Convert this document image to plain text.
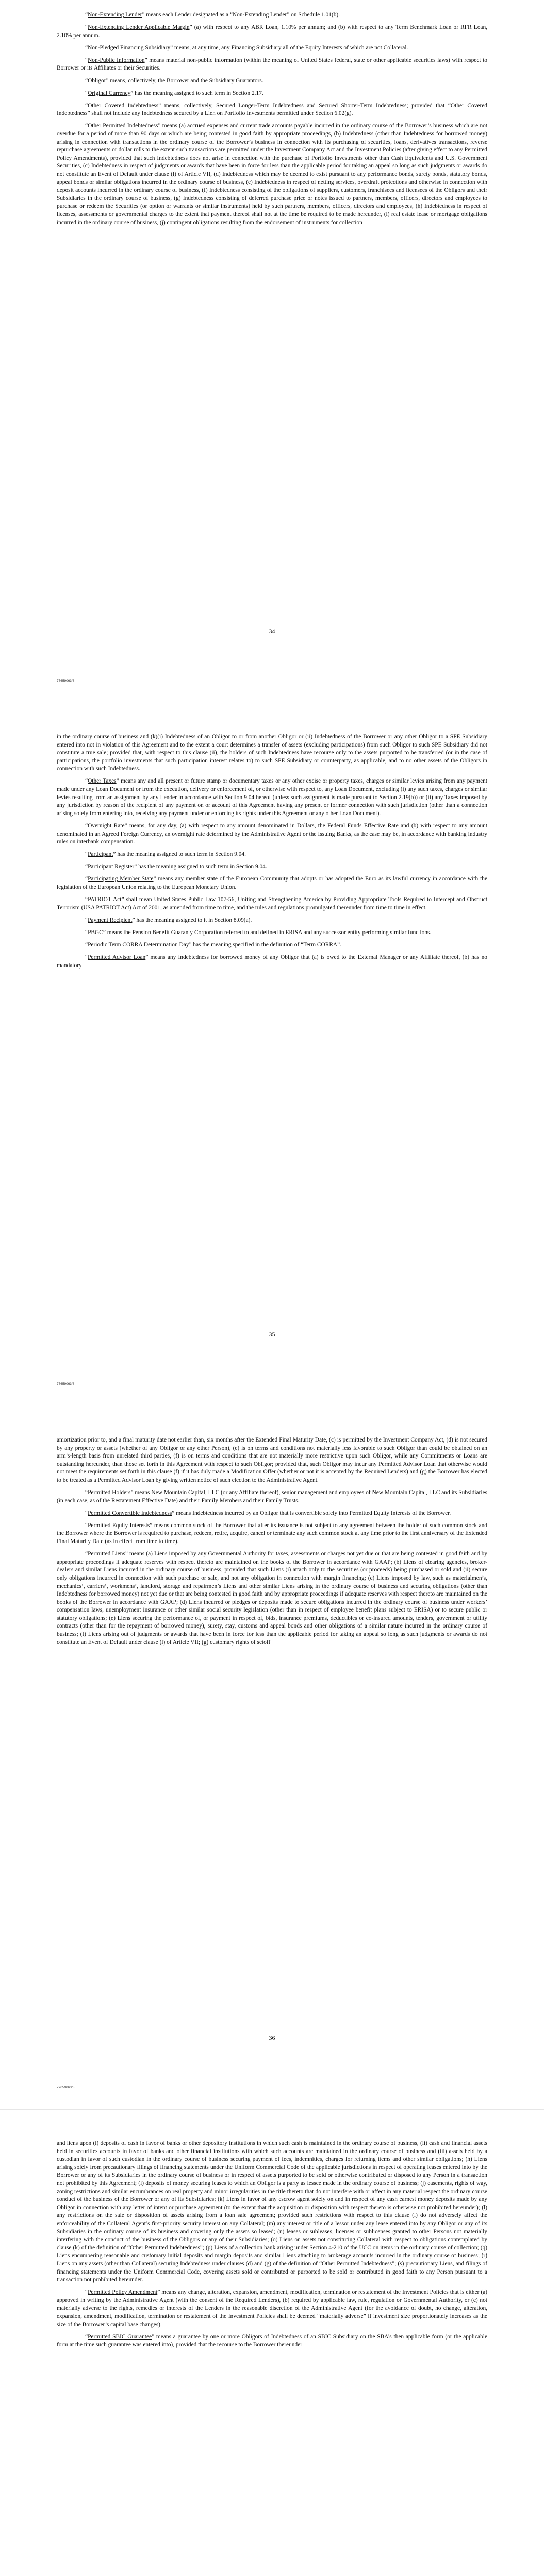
“Non-Extending Lender” means each Lender designated as a “Non-Extending Lender” on Schedule 1.01(b).

“Non-Extending Lender Applicable Margin” (a) with respect to any ABR Loan, 1.10% per annum; and (b) with respect to any Term Benchmark Loan or RFR Loan, 2.10% per annum.

“Non-Pledged Financing Subsidiary” means, at any time, any Financing Subsidiary all of the Equity Interests of which are not Collateral.

“Non-Public Information” means material non-public information (within the meaning of United States federal, state or other applicable securities laws) with respect to Borrower or its Affiliates or their Securities.

“Obligor” means, collectively, the Borrower and the Subsidiary Guarantors.

“Original Currency” has the meaning assigned to such term in Section 2.17.

“Other Covered Indebtedness” means, collectively, Secured Longer-Term Indebtedness and Secured Shorter-Term Indebtedness; provided that “Other Covered Indebtedness” shall not include any Indebtedness secured by a Lien on Portfolio Investments permitted under Section 6.02(g).

“Other Permitted Indebtedness” means (a) accrued expenses and current trade accounts payable incurred in the ordinary course of the Borrower’s business which are not overdue for a period of more than 90 days or which are being contested in good faith by appropriate proceedings, (b) Indebtedness (other than Indebtedness for borrowed money) arising in connection with transactions in the ordinary course of the Borrower’s business in connection with its purchasing of securities, loans, derivatives transactions, reverse repurchase agreements or dollar rolls to the extent such transactions are permitted under the Investment Company Act and the Investment Policies (after giving effect to any Permitted Policy Amendments), provided that such Indebtedness does not arise in connection with the purchase of Portfolio Investments other than Cash Equivalents and U.S. Government Securities, (c) Indebtedness in respect of judgments or awards that have been in force for less than the applicable period for taking an appeal so long as such judgments or awards do not constitute an Event of Default under clause (l) of Article VII, (d) Indebtedness which may be deemed to exist pursuant to any performance bonds, surety bonds, statutory bonds, appeal bonds or similar obligations incurred in the ordinary course of business, (e) Indebtedness in respect of netting services, overdraft protections and otherwise in connection with deposit accounts incurred in the ordinary course of business, (f) Indebtedness consisting of the obligations of suppliers, customers, franchisees and licensees of the Obligors and their Subsidiaries in the ordinary course of business, (g) Indebtedness consisting of deferred purchase price or notes issued to partners, members, officers, directors and employees to purchase or redeem the Securities (or option or warrants or similar instruments) held by such partners, members, officers, directors and employees, (h) Indebtedness in respect of licenses, assessments or governmental charges to the extent that payment thereof shall not at the time be required to be made hereunder, (i) real estate lease or mortgage obligations incurred in the ordinary course of business, (j) contingent obligations resulting from the endorsement of instruments for collection

34
77659063/8

in the ordinary course of business and (k)(i) Indebtedness of an Obligor to or from another Obligor or (ii) Indebtedness of the Borrower or any other Obligor to a SPE Subsidiary entered into not in violation of this Agreement and to the extent a court determines a transfer of assets (excluding participations) from such Obligor to such SPE Subsidiary did not constitute a true sale; provided that, with respect to this clause (ii), the holders of such Indebtedness have recourse only to the assets purported to be transferred (or in the case of participations, the portfolio investments that such participation interest relates to) to such SPE Subsidiary or counterparty, as applicable, and to no other assets of the Obligors in connection with such Indebtedness.

“Other Taxes” means any and all present or future stamp or documentary taxes or any other excise or property taxes, charges or similar levies arising from any payment made under any Loan Document or from the execution, delivery or enforcement of, or otherwise with respect to, any Loan Document, excluding (i) any such taxes, charges or similar levies resulting from an assignment by any Lender in accordance with Section 9.04 hereof (unless such assignment is made pursuant to Section 2.19(b)) or (ii) any Taxes imposed by any jurisdiction by reason of the recipient of any payment on or account of this Agreement having any present or former connection with such jurisdiction (other than a connection arising solely from entering into, receiving any payment under or enforcing its rights under this Agreement or any other Loan Document).

“Overnight Rate” means, for any day, (a) with respect to any amount denominated in Dollars, the Federal Funds Effective Rate and (b) with respect to any amount denominated in an Agreed Foreign Currency, an overnight rate determined by the Administrative Agent or the Issuing Banks, as the case may be, in accordance with banking industry rules on interbank compensation.

“Participant” has the meaning assigned to such term in Section 9.04.

“Participant Register” has the meaning assigned to such term in Section 9.04.

“Participating Member State” means any member state of the European Community that adopts or has adopted the Euro as its lawful currency in accordance with the legislation of the European Union relating to the European Monetary Union.

“PATRIOT Act” shall mean United States Public Law 107-56, Uniting and Strengthening America by Providing Appropriate Tools Required to Intercept and Obstruct Terrorism (USA PATRIOT Act) Act of 2001, as amended from time to time, and the rules and regulations promulgated thereunder from time to time in effect.

“Payment Recipient” has the meaning assigned to it in Section 8.09(a).

“PBGC” means the Pension Benefit Guaranty Corporation referred to and defined in ERISA and any successor entity performing similar functions.

“Periodic Term CORRA Determination Day” has the meaning specified in the definition of “Term CORRA”.

“Permitted Advisor Loan” means any Indebtedness for borrowed money of any Obligor that (a) is owed to the External Manager or any Affiliate thereof, (b) has no mandatory

35
77659063/8

amortization prior to, and a final maturity date not earlier than, six months after the Extended Final Maturity Date, (c) is permitted by the Investment Company Act, (d) is not secured by any property or assets (whether of any Obligor or any other Person), (e) is on terms and conditions not materially less favorable to such Obligor than could be obtained on an arm’s-length basis from unrelated third parties, (f) is on terms and conditions that are not materially more restrictive upon such Obligor, while any Commitments or Loans are outstanding hereunder, than those set forth in this Agreement with respect to such Obligor; provided that, such Obligor may incur any Permitted Advisor Loan that otherwise would not meet the requirements set forth in this clause (f) if it has duly made a Modification Offer (whether or not it is accepted by the Required Lenders) and (g) the Borrower has elected to be treated as a Permitted Advisor Loan by giving written notice of such election to the Administrative Agent.

“Permitted Holders” means New Mountain Capital, LLC (or any Affiliate thereof), senior management and employees of New Mountain Capital, LLC and its Subsidiaries (in each case, as of the Restatement Effective Date) and their Family Members and their Family Trusts.

“Permitted Convertible Indebtedness” means Indebtedness incurred by an Obligor that is convertible solely into Permitted Equity Interests of the Borrower.

“Permitted Equity Interests” means common stock of the Borrower that after its issuance is not subject to any agreement between the holder of such common stock and the Borrower where the Borrower is required to purchase, redeem, retire, acquire, cancel or terminate any such common stock at any time prior to the first anniversary of the Extended Final Maturity Date (as in effect from time to time).

“Permitted Liens” means (a) Liens imposed by any Governmental Authority for taxes, assessments or charges not yet due or that are being contested in good faith and by appropriate proceedings if adequate reserves with respect thereto are maintained on the books of the Borrower in accordance with GAAP; (b) Liens of clearing agencies, broker-dealers and similar Liens incurred in the ordinary course of business, provided that such Liens (i) attach only to the securities (or proceeds) being purchased or sold and (ii) secure only obligations incurred in connection with such purchase or sale, and not any obligation in connection with margin financing; (c) Liens imposed by law, such as materialmen’s, mechanics’, carriers’, workmens’, landlord, storage and repairmen’s Liens and other similar Liens arising in the ordinary course of business and securing obligations (other than Indebtedness for borrowed money) not yet due or that are being contested in good faith and by appropriate proceedings if adequate reserves with respect thereto are maintained on the books of the Borrower in accordance with GAAP; (d) Liens incurred or pledges or deposits made to secure obligations incurred in the ordinary course of business under workers’ compensation laws, unemployment insurance or other similar social security legislation (other than in respect of employee benefit plans subject to ERISA) or to secure public or statutory obligations; (e) Liens securing the performance of, or payment in respect of, bids, insurance premiums, deductibles or co-insured amounts, tenders, government or utility contracts (other than for the repayment of borrowed money), surety, stay, customs and appeal bonds and other obligations of a similar nature incurred in the ordinary course of business; (f) Liens arising out of judgments or awards that have been in force for less than the applicable period for taking an appeal so long as such judgments or awards do not constitute an Event of Default under clause (l) of Article VII; (g) customary rights of setoff

36
77659063/8

and liens upon (i) deposits of cash in favor of banks or other depository institutions in which such cash is maintained in the ordinary course of business, (ii) cash and financial assets held in securities accounts in favor of banks and other financial institutions with which such accounts are maintained in the ordinary course of business and (iii) assets held by a custodian in favor of such custodian in the ordinary course of business securing payment of fees, indemnities, charges for returning items and other similar obligations; (h) Liens arising solely from precautionary filings of financing statements under the Uniform Commercial Code of the applicable jurisdictions in respect of operating leases entered into by the Borrower or any of its Subsidiaries in the ordinary course of business or in respect of assets purported to be sold or otherwise contributed or disposed to any Person in a transaction not prohibited by this Agreement; (i) deposits of money securing leases to which an Obligor is a party as lessee made in the ordinary course of business; (j) easements, rights of way, zoning restrictions and similar encumbrances on real property and minor irregularities in the title thereto that do not interfere with or affect in any material respect the ordinary course conduct of the business of the Borrower or any of its Subsidiaries; (k) Liens in favor of any escrow agent solely on and in respect of any cash earnest money deposits made by any Obligor in connection with any letter of intent or purchase agreement (to the extent that the acquisition or disposition with respect thereto is otherwise not prohibited hereunder); (l) any restrictions on the sale or disposition of assets arising from a loan sale agreement; provided such restrictions with respect to this clause (l) do not adversely affect the enforceability of the Collateral Agent’s first-priority security interest on any Collateral; (m) any interest or title of a lessor under any lease entered into by any Obligor or any of its Subsidiaries in the ordinary course of its business and covering only the assets so leased; (n) leases or subleases, licenses or sublicenses granted to other Persons not materially interfering with the conduct of the business of the Obligors or any of their Subsidiaries; (o) Liens on assets not constituting Collateral with respect to obligations contemplated by clause (k) of the definition of “Other Permitted Indebtedness”; (p) Liens of a collection bank arising under Section 4-210 of the UCC on items in the ordinary course of collection; (q) Liens encumbering reasonable and customary initial deposits and margin deposits and similar Liens attaching to brokerage accounts incurred in the ordinary course of business; (r) Liens on any assets (other than Collateral) securing Indebtedness under clauses (d) and (g) of the definition of “Other Permitted Indebtedness”; (s) precautionary Liens, and filings of financing statements under the Uniform Commercial Code, covering assets sold or contributed or purported to be sold or contributed in good faith to any Person pursuant to a transaction not prohibited hereunder.

“Permitted Policy Amendment” means any change, alteration, expansion, amendment, modification, termination or restatement of the Investment Policies that is either (a) approved in writing by the Administrative Agent (with the consent of the Required Lenders), (b) required by applicable law, rule, regulation or Governmental Authority, or (c) not materially adverse to the rights, remedies or interests of the Lenders in the reasonable discretion of the Administrative Agent (for the avoidance of doubt, no change, alteration, expansion, amendment, modification, termination or restatement of the Investment Policies shall be deemed “materially adverse” if investment size proportionately increases as the size of the Borrower’s capital base changes).

“Permitted SBIC Guarantee” means a guarantee by one or more Obligors of Indebtedness of an SBIC Subsidiary on the SBA’s then applicable form (or the applicable form at the time such guarantee was entered into), provided that the recourse to the Borrower thereunder
